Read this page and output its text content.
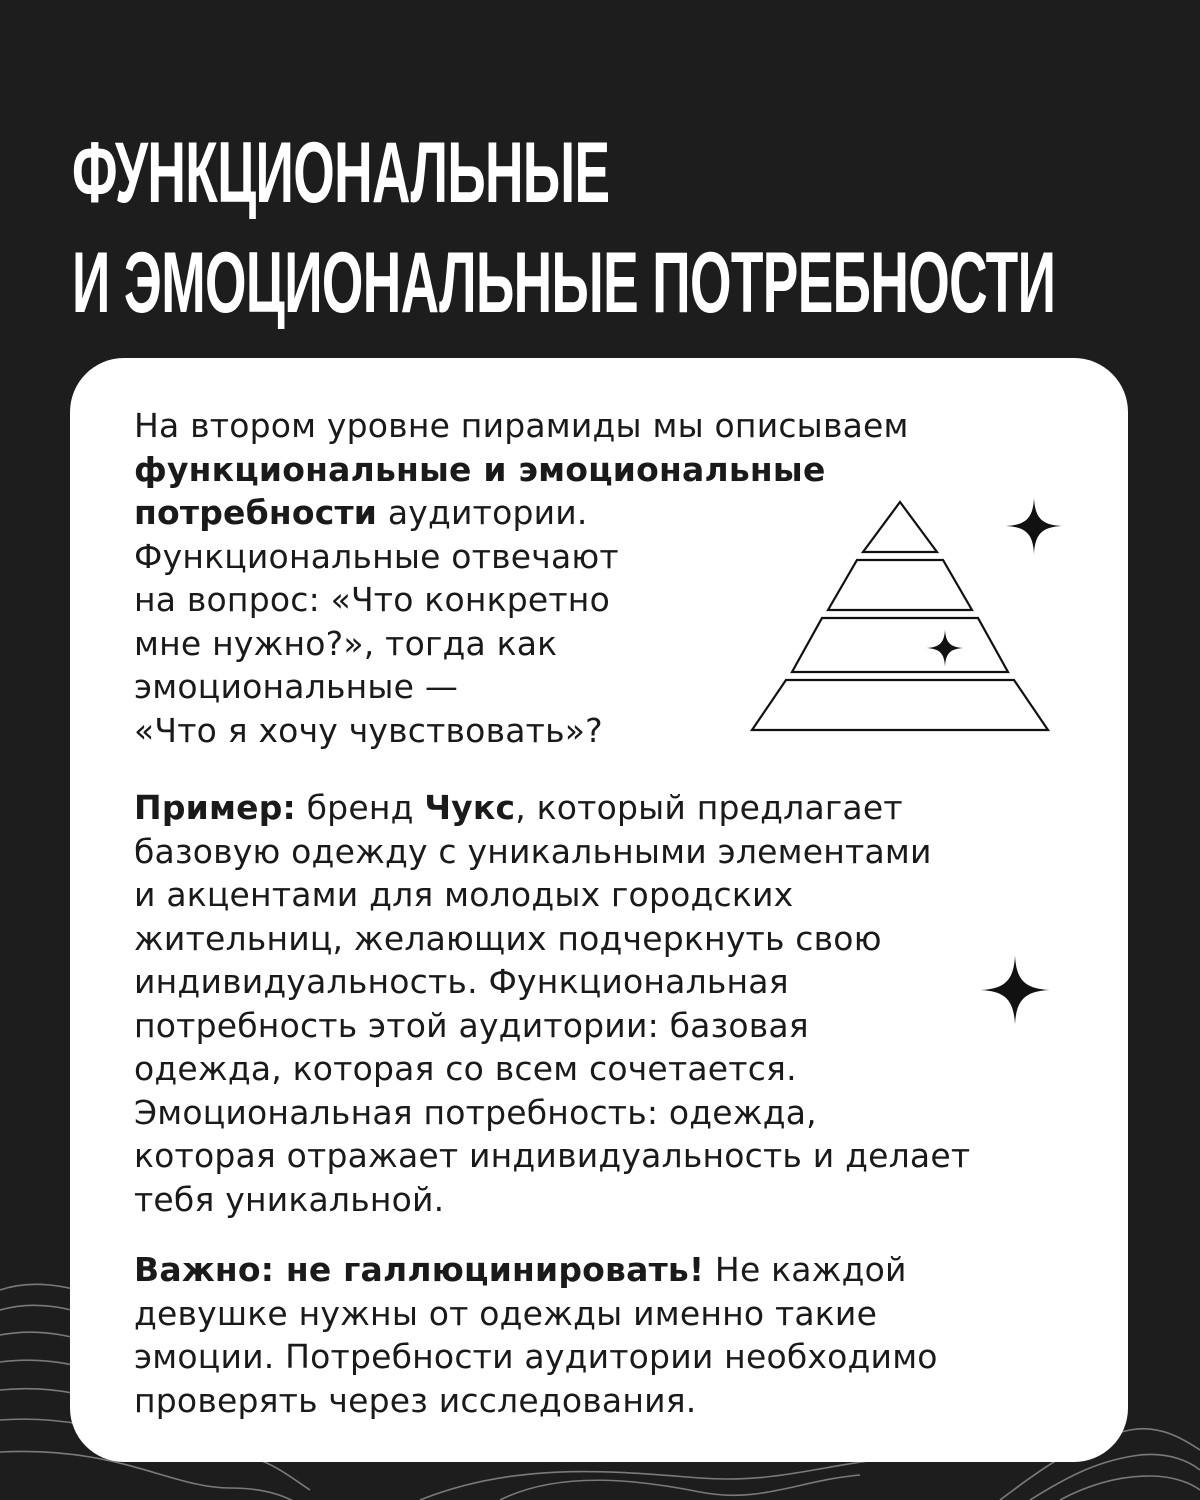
ФУНКЦИОНАЛЬНЫЕ
И ЭМОЦИОНАЛЬНЫЕ ПОТРЕБНОСТИ

На втором уровне пирамиды мы описываем
функциональные и эмоциональные
потребности аудитории.
Функциональные отвечают
на вопрос: «Что конкретно
мне нужно?», тогда как
эмоциональные —
«Что я хочу чувствовать»?

Пример: бренд Чукс, который предлагает
базовую одежду с уникальными элементами
и акцентами для молодых городских
жительниц, желающих подчеркнуть свою
индивидуальность. Функциональная
потребность этой аудитории: базовая
одежда, которая со всем сочетается.
Эмоциональная потребность: одежда,
которая отражает индивидуальность и делает
тебя уникальной.

Важно: не галлюцинировать! Не каждой
девушке нужны от одежды именно такие
эмоции. Потребности аудитории необходимо
проверять через исследования.
